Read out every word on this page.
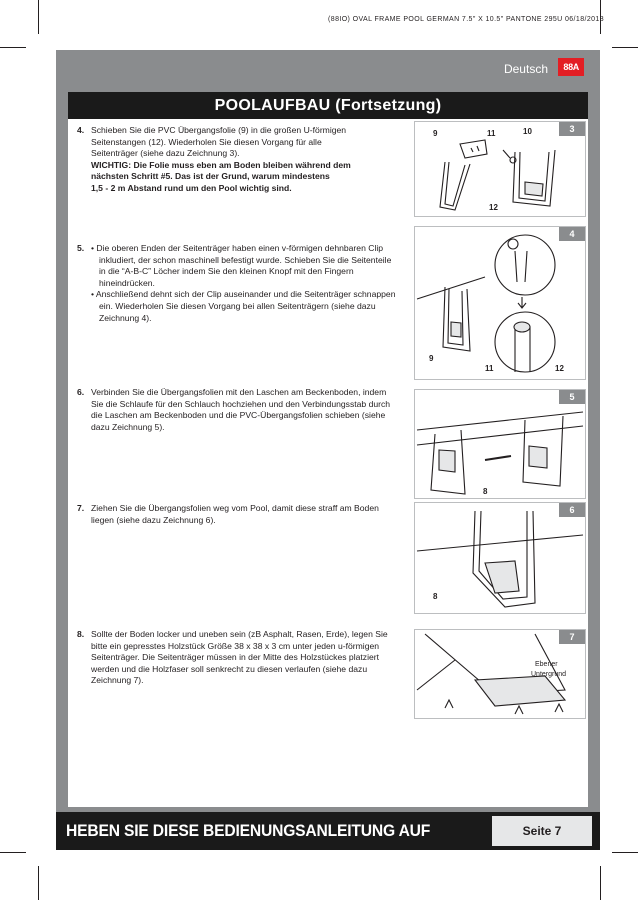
(88IO) OVAL FRAME POOL GERMAN 7.5" X 10.5" PANTONE 295U 06/18/2013
Deutsch	88A
POOLAUFBAU (Fortsetzung)
4. Schieben Sie die PVC Übergangsfolie (9) in die großen U-förmigen

Seitenstangen (12). Wiederholen Sie diesen Vorgang für alle

Seitenträger (siehe dazu Zeichnung 3).

WICHTIG: Die Folie muss eben am Boden bleiben während dem

nächsten Schritt #5. Das ist der Grund, warum mindestens

1,5 - 2 m Abstand rund um den Pool wichtig sind.

9	11	10
12
3
5. • Die oberen Enden der Seitenträger haben einen v-förmigen dehnbaren Clip inkludiert, der schon maschinell befestigt wurde. Schieben Sie die Seitenteile in die “A-B-C” Löcher indem Sie den kleinen Knopf mit den Fingern hineindrücken.
• Anschließend dehnt sich der Clip auseinander und die Seitenträger schnappen ein. Wiederholen Sie diesen Vorgang bei allen Seitenträgern (siehe dazu Zeichnung 4).
9
11	12
4
6. Verbinden Sie die Übergangsfolien mit den Laschen am Beckenboden, indem Sie die Schlaufe für den Schlauch hochziehen und den Verbindungsstab durch die Laschen am Beckenboden und die PVC-Übergangsfolien schieben (siehe dazu Zeichnung 5).

8
5
7. Ziehen Sie die Übergangsfolien weg vom Pool, damit diese straff am Boden liegen (siehe dazu Zeichnung 6).

8
6
8. Sollte der Boden locker und uneben sein (zB Asphalt, Rasen, Erde), legen Sie bitte ein gepresstes Holzstück Größe 38 x 38 x 3 cm unter jeden u-förmigen Seitenträger. Die Seitenträger müssen in der Mitte des Holzstückes platziert werden und die Holzfaser soll senkrecht zu diesen verlaufen (siehe dazu Zeichnung 7).

Ebener
Untergrund
7
HEBEN SIE DIESE BEDIENUNGSANLEITUNG AUF	Seite 7
